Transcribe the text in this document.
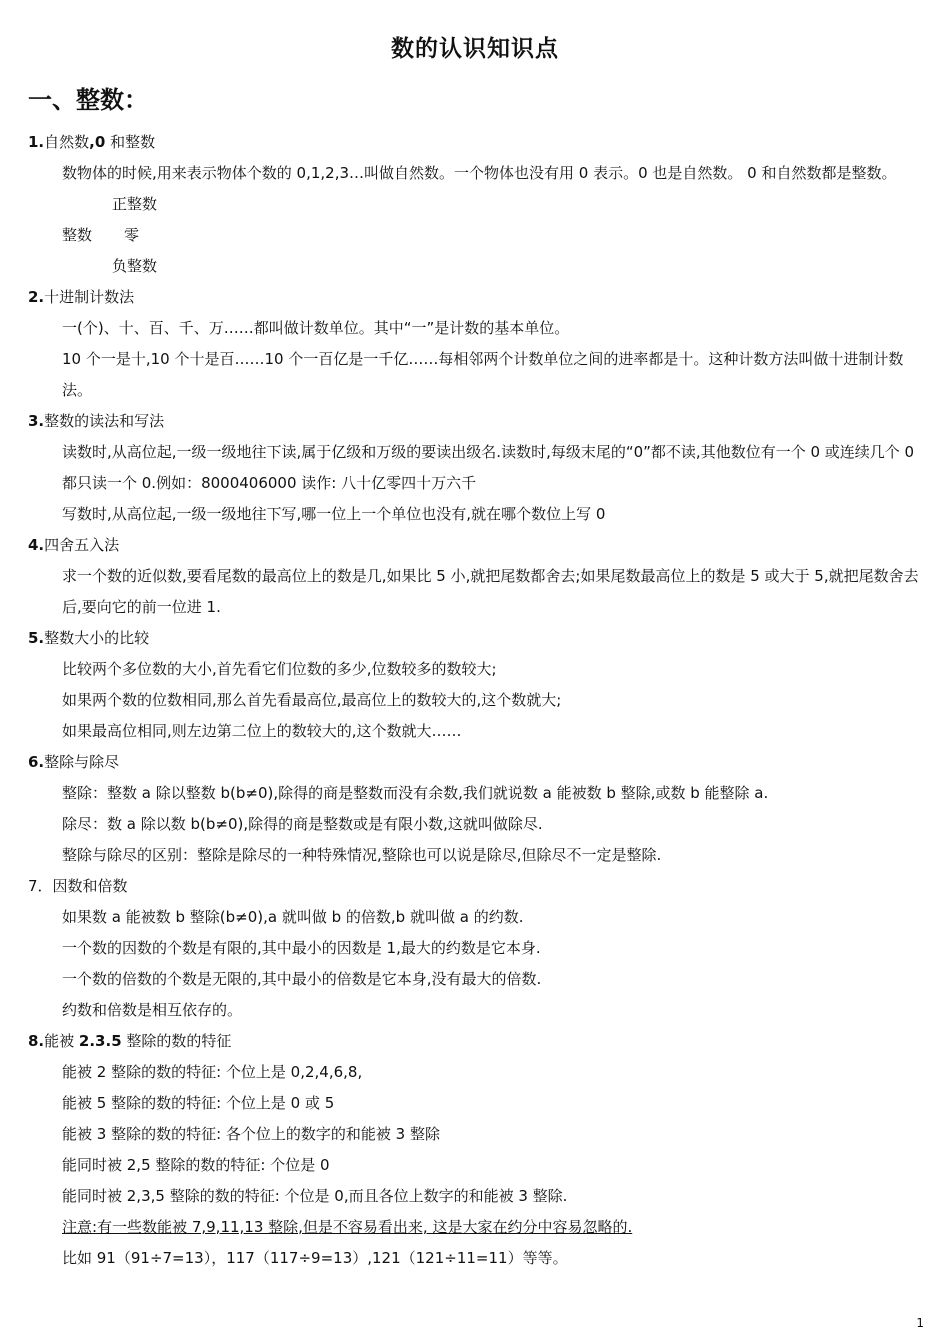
数的认识知识点
一、整数：
1.自然数,0 和整数
数物体的时候,用来表示物体个数的 0,1,2,3…叫做自然数。一个物体也没有用 0 表示。0 也是自然数。 0 和自然数都是整数。
正整数
整数 零
负整数
2.十进制计数法
一(个)、十、百、千、万……都叫做计数单位。其中“一”是计数的基本单位。
10 个一是十,10 个十是百……10 个一百亿是一千亿……每相邻两个计数单位之间的进率都是十。这种计数方法叫做十进制计数法。
3.整数的读法和写法
读数时,从高位起,一级一级地往下读,属于亿级和万级的要读出级名.读数时,每级末尾的“0”都不读,其他数位有一个 0 或连续几个 0 都只读一个 0.例如：8000406000 读作: 八十亿零四十万六千
写数时,从高位起,一级一级地往下写,哪一位上一个单位也没有,就在哪个数位上写 0
4.四舍五入法
求一个数的近似数,要看尾数的最高位上的数是几,如果比 5 小,就把尾数都舍去;如果尾数最高位上的数是 5 或大于 5,就把尾数舍去后,要向它的前一位进 1.
5.整数大小的比较
比较两个多位数的大小,首先看它们位数的多少,位数较多的数较大;
如果两个数的位数相同,那么首先看最高位,最高位上的数较大的,这个数就大;
如果最高位相同,则左边第二位上的数较大的,这个数就大……
6.整除与除尽
整除：整数 a 除以整数 b(b≠0),除得的商是整数而没有余数,我们就说数 a 能被数 b 整除,或数 b 能整除 a.
除尽：数 a 除以数 b(b≠0),除得的商是整数或是有限小数,这就叫做除尽.
整除与除尽的区别：整除是除尽的一种特殊情况,整除也可以说是除尽,但除尽不一定是整除.
7．因数和倍数
如果数 a 能被数 b 整除(b≠0),a 就叫做 b 的倍数,b 就叫做 a 的约数.
一个数的因数的个数是有限的,其中最小的因数是 1,最大的约数是它本身.
一个数的倍数的个数是无限的,其中最小的倍数是它本身,没有最大的倍数.
约数和倍数是相互依存的。
8.能被 2.3.5 整除的数的特征
能被 2 整除的数的特征: 个位上是 0,2,4,6,8,
能被 5 整除的数的特征: 个位上是 0 或 5
能被 3 整除的数的特征: 各个位上的数字的和能被 3 整除
能同时被 2,5 整除的数的特征: 个位是 0
能同时被 2,3,5 整除的数的特征: 个位是 0,而且各位上数字的和能被 3 整除.
注意:有一些数能被 7,9,11,13 整除,但是不容易看出来, 这是大家在约分中容易忽略的.
比如 91（91÷7=13），117（117÷9=13）,121（121÷11=11）等等。
1
